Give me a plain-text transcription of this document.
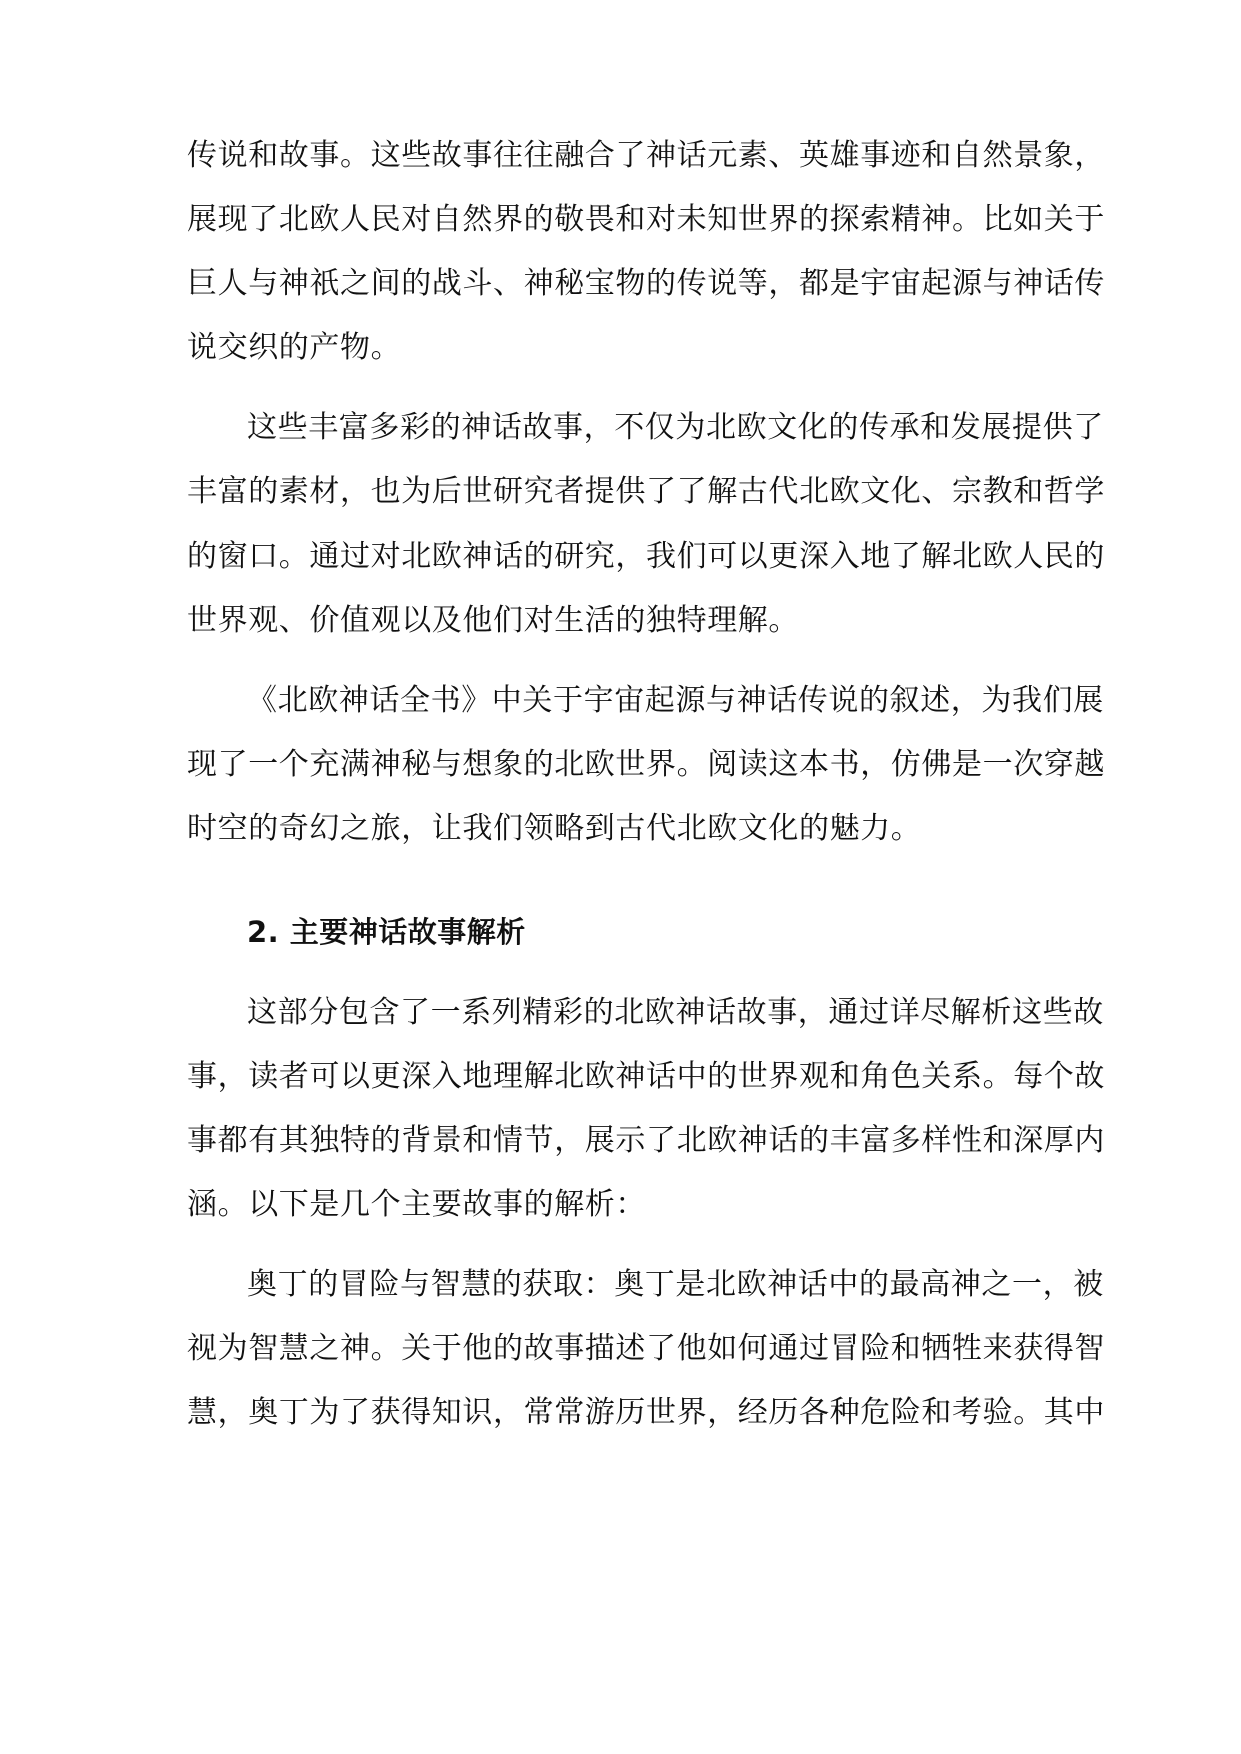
传说和故事。这些故事往往融合了神话元素、英雄事迹和自然景象，
展现了北欧人民对自然界的敬畏和对未知世界的探索精神。比如关于
巨人与神祇之间的战斗、神秘宝物的传说等，都是宇宙起源与神话传
说交织的产物。
这些丰富多彩的神话故事，不仅为北欧文化的传承和发展提供了
丰富的素材，也为后世研究者提供了了解古代北欧文化、宗教和哲学
的窗口。通过对北欧神话的研究，我们可以更深入地了解北欧人民的
世界观、价值观以及他们对生活的独特理解。
《北欧神话全书》中关于宇宙起源与神话传说的叙述，为我们展
现了一个充满神秘与想象的北欧世界。阅读这本书，仿佛是一次穿越
时空的奇幻之旅，让我们领略到古代北欧文化的魅力。
2. 主要神话故事解析
这部分包含了一系列精彩的北欧神话故事，通过详尽解析这些故
事，读者可以更深入地理解北欧神话中的世界观和角色关系。每个故
事都有其独特的背景和情节，展示了北欧神话的丰富多样性和深厚内
涵。以下是几个主要故事的解析：
奥丁的冒险与智慧的获取：奥丁是北欧神话中的最高神之一，被
视为智慧之神。关于他的故事描述了他如何通过冒险和牺牲来获得智
慧，奥丁为了获得知识，常常游历世界，经历各种危险和考验。其中
